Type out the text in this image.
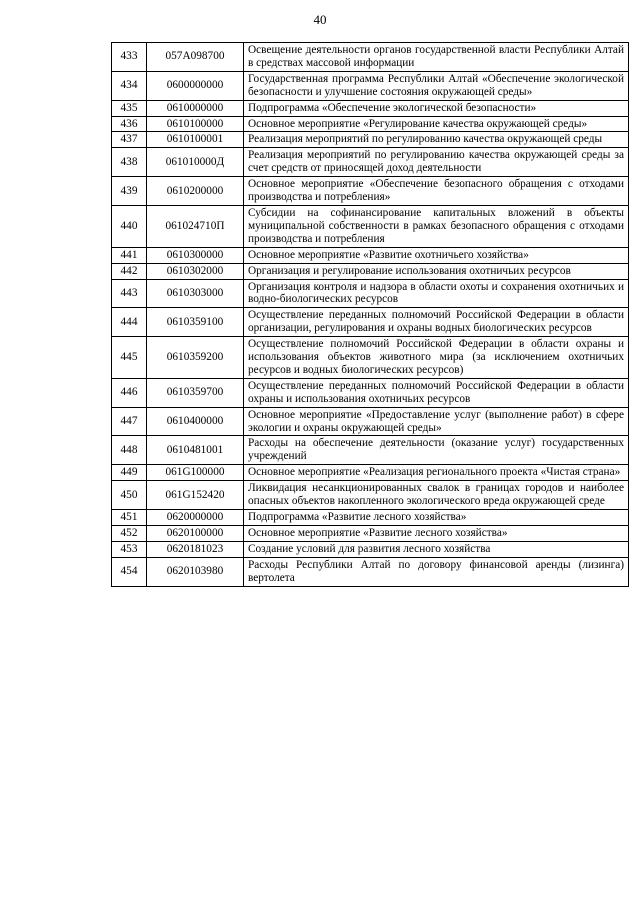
40
433	057A098700	Освещение деятельности органов государственной власти Республики Алтай в средствах массовой информации
434	0600000000	Государственная программа Республики Алтай «Обеспечение экологической безопасности и улучшение состояния окружающей среды»
435	0610000000	Подпрограмма «Обеспечение экологической безопасности»
436	0610100000	Основное мероприятие «Регулирование качества окружающей среды»
437	0610100001	Реализация мероприятий по регулированию качества окружающей среды
438	061010000Д	Реализация мероприятий по регулированию качества окружающей среды за счет средств от приносящей доход деятельности
439	0610200000	Основное мероприятие «Обеспечение безопасного обращения с отходами производства и потребления»
440	061024710П	Субсидии на софинансирование капитальных вложений в объекты муниципальной собственности в рамках безопасного обращения с отходами производства и потребления
441	0610300000	Основное мероприятие «Развитие охотничьего хозяйства»
442	0610302000	Организация и регулирование использования охотничьих ресурсов
443	0610303000	Организация контроля и надзора в области охоты и сохранения охотничьих и водно-биологических ресурсов
444	0610359100	Осуществление переданных полномочий Российской Федерации в области организации, регулирования и охраны водных биологических ресурсов
445	0610359200	Осуществление полномочий Российской Федерации в области охраны и использования объектов животного мира (за исключением охотничьих ресурсов и водных биологических ресурсов)
446	0610359700	Осуществление переданных полномочий Российской Федерации в области охраны и использования охотничьих ресурсов
447	0610400000	Основное мероприятие «Предоставление услуг (выполнение работ) в сфере экологии и охраны окружающей среды»
448	0610481001	Расходы на обеспечение деятельности (оказание услуг) государственных учреждений
449	061G100000	Основное мероприятие «Реализация регионального проекта «Чистая страна»
450	061G152420	Ликвидация несанкционированных свалок в границах городов и наиболее опасных объектов накопленного экологического вреда окружающей среде
451	0620000000	Подпрограмма «Развитие лесного хозяйства»
452	0620100000	Основное мероприятие «Развитие лесного хозяйства»
453	0620181023	Создание условий для развития лесного хозяйства
454	0620103980	Расходы Республики Алтай по договору финансовой аренды (лизинга) вертолета
